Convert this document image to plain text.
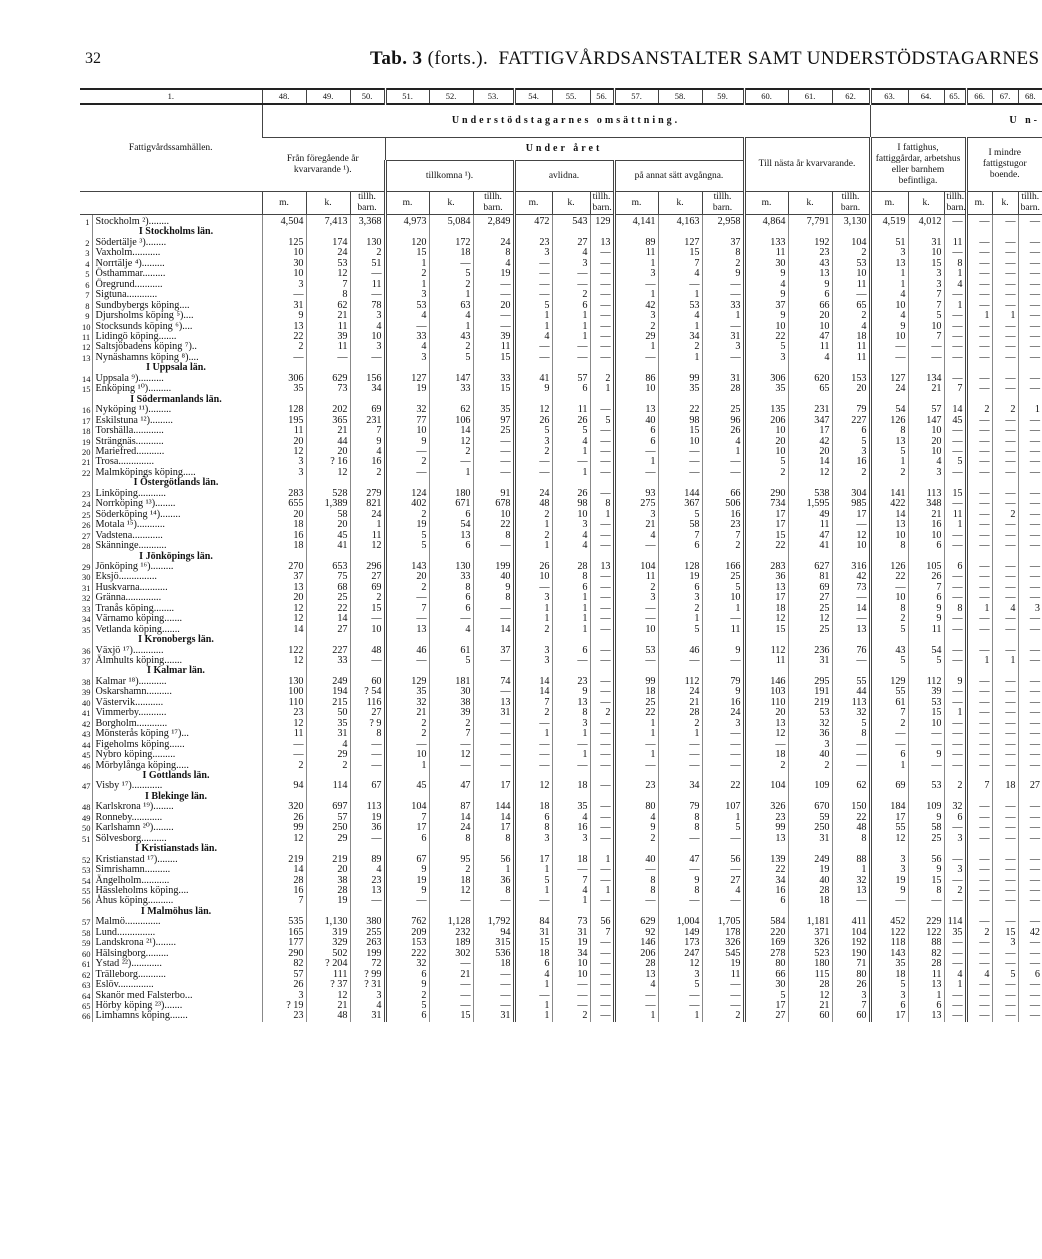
32	Tab. 3 (forts.). FATTIGVÅRDSANSTALTER SAMT UNDERSTÖDSTAGARNES
1.		48.	49.	50.	51.	52.	53.	54.	55.	56.	57.	58.	59.	60.	61.	62.	63.	64.	65.	66.	67.	68.
Fattigvårdssamhällen.		Understödstagarnes omsättning.															U n-					
		Från föregående år kvarvarande ¹).			Under året									Till nästa år kvarvarande.			I fattighus, fattiggårdar, arbetshus eller barnhem befintliga.			I mindre fattigstugor boende.		
					tillkomna ¹).			avlidna.			på annat sätt avgångna.											
		m.	k.	tillh. barn.	m.	k.	tillh. barn.	m.	k.	tillh. barn.	m.	k.	tillh. barn.	m.	k.	tillh. barn.	m.	k.	tillh. barn.	m.	k.	tillh. barn.
1	Stockholm ²)........	4,504	7,413	3,368	4,973	5,084	2,849	472	543	129	4,141	4,163	2,958	4,864	7,791	3,130	4,519	4,012	—	—	—	—
	I Stockholms län.																					
2	Södertälje ³)........	125	174	130	120	172	24	23	27	13	89	127	37	133	192	104	51	31	11	—	—	—
3	Vaxholm...........	10	24	2	15	18	8	3	4	—	11	15	8	11	23	2	3	10	—	—	—	—
4	Norrtälje ⁴).........	30	53	51	1	—	4	—	3	—	1	7	2	30	43	53	13	15	8	—	—	—
5	Östhammar.........	10	12	—	2	5	19	—	—	—	3	4	9	9	13	10	1	3	1	—	—	—
6	Öregrund...........	3	7	11	1	2	—	—	—	—	—	—	—	4	9	11	1	3	4	—	—	—
7	Sigtuna............	—	8	—	3	1	—	—	2	—	1	1	—	9	6	—	4	7	—	—	—	—
8	Sundbybergs köping....	31	62	78	53	63	20	5	6	—	42	53	33	37	66	65	10	7	1	—	—	—
9	Djursholms köping ⁵)....	9	21	3	4	4	—	1	1	—	3	4	1	9	20	2	4	5	—	1	1	—
10	Stocksunds köping ⁶)....	13	11	4	—	1	—	1	1	—	2	1	—	10	10	4	9	10	—	—	—	—
11	Lidingö köping.......	22	39	10	33	43	39	4	1	—	29	34	31	22	47	18	10	7	—	—	—	—
12	Saltsjöbadens köping ⁷)..	2	11	3	4	2	11	—	—	—	1	2	3	5	11	11	—	—	—	—	—	—
13	Nynäshamns köping ⁸)....	—	—	—	3	5	15	—	—	—	—	1	—	3	4	11	—	—	—	—	—	—
	I Uppsala län.																					
14	Uppsala ⁹)..........	306	629	156	127	147	33	41	57	2	86	99	31	306	620	153	127	134	—	—	—	—
15	Enköping ¹⁰).........	35	73	34	19	33	15	9	6	1	10	35	28	35	65	20	24	21	7	—	—	—
	I Södermanlands län.																					
16	Nyköping ¹¹).........	128	202	69	32	62	35	12	11	—	13	22	25	135	231	79	54	57	14	2	2	1
17	Eskilstuna ¹²).........	195	365	231	77	106	97	26	26	5	40	98	96	206	347	227	126	147	45	—	—	—
18	Torshälla............	11	21	7	10	14	25	5	5	—	6	15	26	10	17	6	8	10	—	—	—	—
19	Strängnäs...........	20	44	9	9	12	—	3	4	—	6	10	4	20	42	5	13	20	—	—	—	—
20	Mariefred...........	12	20	4	—	2	—	2	1	—	—	—	1	10	20	3	5	10	—	—	—	—
21	Trosa..............	3	? 16	16	2	—	—	—	—	—	1	—	—	5	14	16	1	4	5	—	—	—
22	Malmköpings köping.....	3	12	2	—	1	—	—	1	—	—	—	—	2	12	2	2	3	—	—	—	—
	I Östergötlands län.																					
23	Linköping...........	283	528	279	124	180	91	24	26	—	93	144	66	290	538	304	141	113	15	—	—	—
24	Norrköping ¹³)........	655	1,389	821	402	671	678	48	98	8	275	367	506	734	1,595	985	422	348	—	—	—	—
25	Söderköping ¹⁴)........	20	58	24	2	6	10	2	10	1	3	5	16	17	49	17	14	21	11	—	2	—
26	Motala ¹⁵)...........	18	20	1	19	54	22	1	3	—	21	58	23	17	11	—	13	16	1	—	—	—
27	Vadstena............	16	45	11	5	13	8	2	4	—	4	7	7	15	47	12	10	10	—	—	—	—
28	Skänninge...........	18	41	12	5	6	—	1	4	—	—	6	2	22	41	10	8	6	—	—	—	—
	I Jönköpings län.																					
29	Jönköping ¹⁶).........	270	653	296	143	130	199	26	28	13	104	128	166	283	627	316	126	105	6	—	—	—
30	Eksjö...............	37	75	27	20	33	40	10	8	—	11	19	25	36	81	42	22	26	—	—	—	—
31	Huskvarna...........	13	68	69	2	8	9	—	6	—	2	6	5	13	69	73	—	7	—	—	—	—
32	Gränna..............	20	25	2	—	6	8	3	1	—	3	3	10	17	27	—	10	6	—	—	—	—
33	Tranås köping........	12	22	15	7	6	—	1	1	—	—	2	1	18	25	14	8	9	8	1	4	3
34	Värnamo köping.......	12	14	—	—	—	—	1	1	—	—	1	—	12	12	—	2	9	—	—	—	—
35	Vetlanda köping.......	14	27	10	13	4	14	2	1	—	10	5	11	15	25	13	5	11	—	—	—	—
	I Kronobergs län.																					
36	Växjö ¹⁷)............	122	227	48	46	61	37	3	6	—	53	46	9	112	236	76	43	54	—	—	—	—
37	Älmhults köping.......	12	33	—	—	5	—	3	—	—	—	—	—	11	31	—	5	5	—	1	1	—
	I Kalmar län.																					
38	Kalmar ¹⁸)...........	130	249	60	129	181	74	14	23	—	99	112	79	146	295	55	129	112	9	—	—	—
39	Oskarshamn..........	100	194	? 54	35	30	—	14	9	—	18	24	9	103	191	44	55	39	—	—	—	—
40	Västervik...........	110	215	116	32	38	13	7	13	—	25	21	16	110	219	113	61	53	—	—	—	—
41	Vimmerby...........	23	50	27	21	39	31	2	8	2	22	28	24	20	53	32	7	15	1	—	—	—
42	Borgholm............	12	35	? 9	2	2	—	—	3	—	1	2	3	13	32	5	2	10	—	—	—	—
43	Mönsterås köping ¹⁷)...	11	31	8	2	7	—	1	1	—	1	1	—	12	36	8	—	—	—	—	—	—
44	Figeholms köping......	—	4	—	—	—	—	—	—	—	—	—	—	—	3	—	—	—	—	—	—	—
45	Nybro köping.........	—	29	—	10	12	—	—	1	—	1	—	—	18	40	—	6	9	—	—	—	—
46	Mörbylånga köping.....	2	2	—	1	—	—	—	—	—	—	—	—	2	2	—	1	—	—	—	—	—
	I Gottlands län.																					
47	Visby ¹⁷)............	94	114	67	45	47	17	12	18	—	23	34	22	104	109	62	69	53	2	7	18	27
	I Blekinge län.																					
48	Karlskrona ¹⁹)........	320	697	113	104	87	144	18	35	—	80	79	107	326	670	150	184	109	32	—	—	—
49	Ronneby............	26	57	19	7	14	14	6	4	—	4	8	1	23	59	22	17	9	6	—	—	—
50	Karlshamn ²⁰)........	99	250	36	17	24	17	8	16	—	9	8	5	99	250	48	55	58	—	—	—	—
51	Sölvesborg..........	12	29	—	6	8	8	3	3	—	2	—	—	13	31	8	12	25	3	—	—	—
	I Kristianstads län.																					
52	Kristianstad ¹⁷)........	219	219	89	67	95	56	17	18	1	40	47	56	139	249	88	3	56	—	—	—	—
53	Simrishamn..........	14	20	4	9	2	1	1	—	—	—	—	—	22	19	1	3	9	3	—	—	—
54	Ängelholm...........	28	38	23	19	18	36	5	7	—	8	9	27	34	40	32	19	15	—	—	—	—
55	Hässleholms köping....	16	28	13	9	12	8	1	4	1	8	8	4	16	28	13	9	8	2	—	—	—
56	Åhus köping..........	7	19	—	—	—	—	—	1	—	—	—	—	6	18	—	—	—	—	—	—	—
	I Malmöhus län.																					
57	Malmö..............	535	1,130	380	762	1,128	1,792	84	73	56	629	1,004	1,705	584	1,181	411	452	229	114	—	—	—
58	Lund...............	165	319	255	209	232	94	31	31	7	92	149	178	220	371	104	122	122	35	2	15	42
59	Landskrona ²¹)........	177	329	263	153	189	315	15	19	—	146	173	326	169	326	192	118	88	—	—	3	—
60	Hälsingborg.........	290	502	199	222	302	536	18	34	—	206	247	545	278	523	190	143	82	—	—	—	—
61	Ystad ²²)............	82	? 204	72	32	—	18	6	10	—	28	12	19	80	180	71	35	28	—	—	—	—
62	Trälleborg...........	57	111	? 99	6	21	—	4	10	—	13	3	11	66	115	80	18	11	4	4	5	6
63	Eslöv..............	26	? 37	? 31	9	—	—	1	—	—	4	5	—	30	28	26	5	13	1	—	—	—
64	Skanör med Falsterbo...	3	12	3	2	—	—	—	—	—	—	—	—	5	12	3	3	1	—	—	—	—
65	Hörby köping ²³).......	? 19	21	4	5	—	—	1	—	—	—	—	—	17	21	7	6	6	—	—	—	—
66	Limhamns köping.......	23	48	31	6	15	31	1	2	—	1	1	2	27	60	60	17	13	—	—	—	—
